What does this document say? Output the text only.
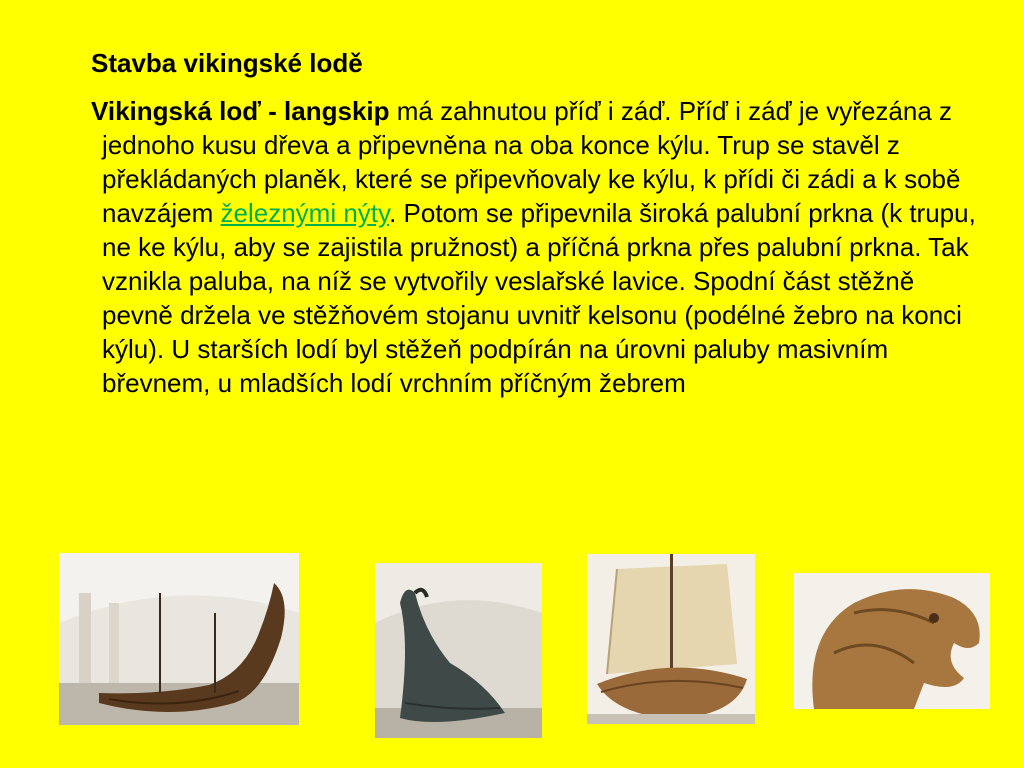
Stavba vikingské lodě

Vikingská loď - langskip má zahnutou příď i záď. Příď i záď je vyřezána z jednoho kusu dřeva a připevněna na oba konce kýlu. Trup se stavěl z překládaných planěk, které se připevňovaly ke kýlu, k přídi či zádi a k sobě navzájem železnými nýty. Potom se připevnila široká palubní prkna (k trupu, ne ke kýlu, aby se zajistila pružnost) a příčná prkna přes palubní prkna. Tak vznikla paluba, na níž se vytvořily veslařské lavice. Spodní část stěžně pevně držela ve stěžňovém stojanu uvnitř kelsonu (podélné žebro na konci kýlu). U starších lodí byl stěžeň podpírán na úrovni paluby masivním břevnem, u mladších lodí vrchním příčným žebrem
